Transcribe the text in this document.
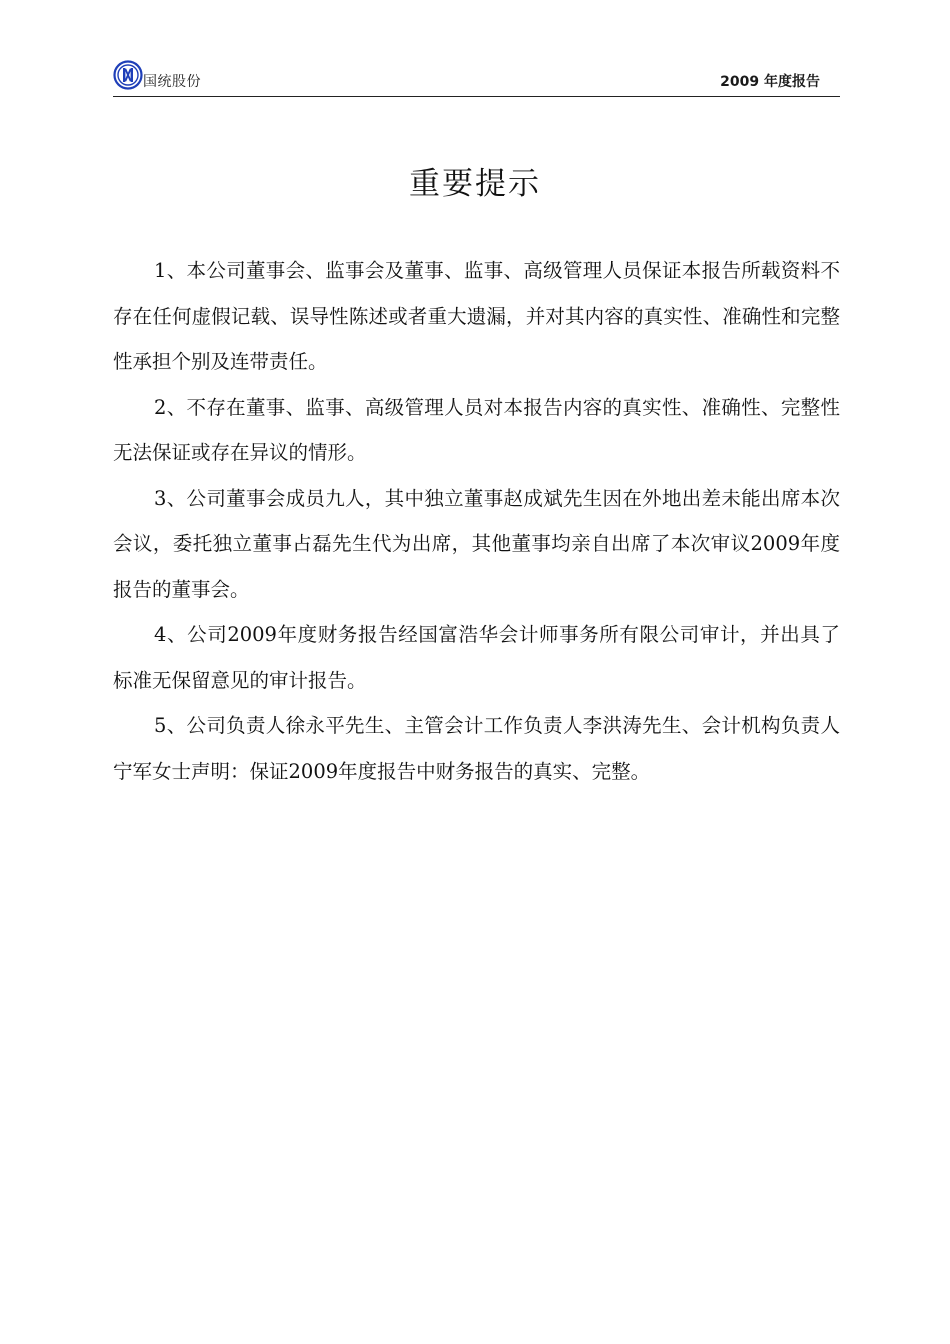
国统股份	2009 年度报告
重要提示

1、本公司董事会、监事会及董事、监事、高级管理人员保证本报告所载资料不存在任何虚假记载、误导性陈述或者重大遗漏，并对其内容的真实性、准确性和完整性承担个别及连带责任。

2、不存在董事、监事、高级管理人员对本报告内容的真实性、准确性、完整性无法保证或存在异议的情形。

3、公司董事会成员九人，其中独立董事赵成斌先生因在外地出差未能出席本次会议，委托独立董事占磊先生代为出席，其他董事均亲自出席了本次审议2009年度报告的董事会。

4、公司2009年度财务报告经国富浩华会计师事务所有限公司审计，并出具了标准无保留意见的审计报告。

5、公司负责人徐永平先生、主管会计工作负责人李洪涛先生、会计机构负责人宁军女士声明：保证2009年度报告中财务报告的真实、完整。
